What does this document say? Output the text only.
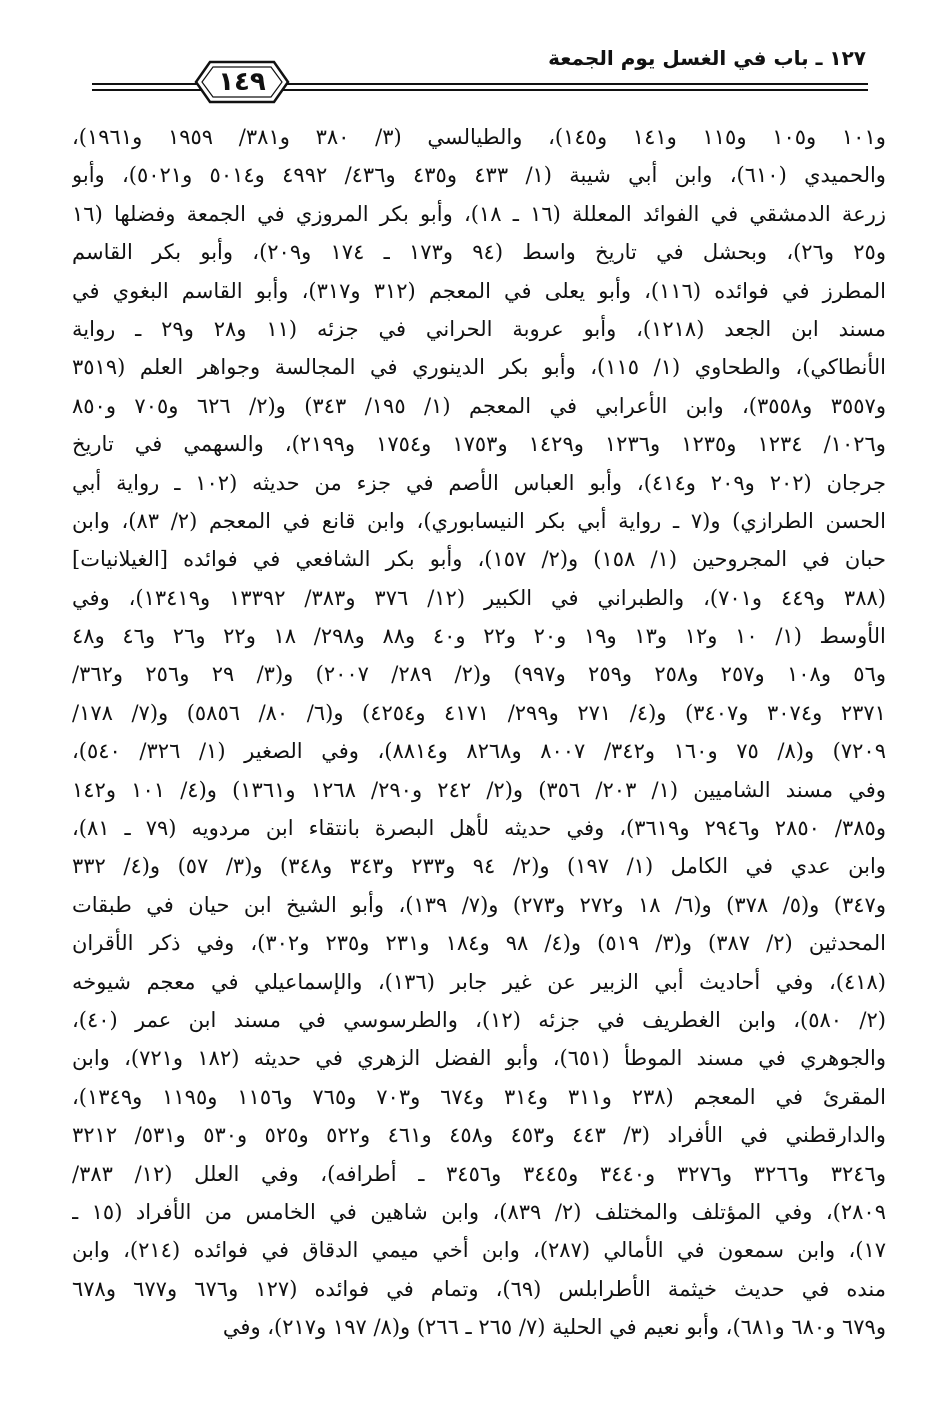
١٤٩
١٢٧ ـ باب في الغسل يوم الجمعة
و١٠١ و١٠٥ و١١٥ و١٤١ و١٤٥)، والطيالسي (٣/ ٣٨٠ و٣٨١/ ١٩٥٩ و١٩٦١)،
والحميدي (٦١٠)، وابن أبي شيبة (١/ ٤٣٣ و٤٣٥ و٤٣٦/ ٤٩٩٢ و٥٠١٤ و٥٠٢١)، وأبو
زرعة الدمشقي في الفوائد المعللة (١٦ ـ ١٨)، وأبو بكر المروزي في الجمعة وفضلها (١٦
و٢٥ و٢٦)، وبحشل في تاريخ واسط (٩٤ و١٧٣ ـ ١٧٤ و٢٠٩)، وأبو بكر القاسم
المطرز في فوائده (١١٦)، وأبو يعلى في المعجم (٣١٢ و٣١٧)، وأبو القاسم البغوي في
مسند ابن الجعد (١٢١٨)، وأبو عروبة الحراني في جزئه (١١ و٢٨ و٢٩ ـ رواية
الأنطاكي)، والطحاوي (١/ ١١٥)، وأبو بكر الدينوري في المجالسة وجواهر العلم (٣٥١٩
و٣٥٥٧ و٣٥٥٨)، وابن الأعرابي في المعجم (١/ ١٩٥/ ٣٤٣) و(٢/ ٦٢٦ و٧٠٥ و٨٥٠
و١٠٢٦/ ١٢٣٤ و١٢٣٥ و١٢٣٦ و١٤٢٩ و١٧٥٣ و١٧٥٤ و٢١٩٩)، والسهمي في تاريخ
جرجان (٢٠٢ و٢٠٩ و٤١٤)، وأبو العباس الأصم في جزء من حديثه (١٠٢ ـ رواية أبي
الحسن الطرازي) و(٧ ـ رواية أبي بكر النيسابوري)، وابن قانع في المعجم (٢/ ٨٣)، وابن
حبان في المجروحين (١/ ١٥٨) و(٢/ ١٥٧)، وأبو بكر الشافعي في فوائده [الغيلانيات]
(٣٨٨ و٤٤٩ و٧٠١)، والطبراني في الكبير (١٢/ ٣٧٦ و٣٨٣/ ١٣٣٩٢ و١٣٤١٩)، وفي
الأوسط (١/ ١٠ و١٢ و١٣ و١٩ و٢٠ و٢٢ و٤٠ و٨٨ و٢٩٨/ ١٨ و٢٢ و٢٦ و٤٦ و٤٨
و٥٦ و١٠٨ و٢٥٧ و٢٥٨ و٢٥٩ و٩٩٧) و(٢/ ٢٨٩/ ٢٠٠٧) و(٣/ ٢٩ و٢٥٦ و٣٦٢/
٢٣٧١ و٣٠٧٤ و٣٤٠٧) و(٤/ ٢٧١ و٢٩٩/ ٤١٧١ و٤٢٥٤) و(٦/ ٨٠/ ٥٨٥٦) و(٧/ ١٧٨/
٧٢٠٩) و(٨/ ٧٥ و١٦٠ و٣٤٢/ ٨٠٠٧ و٨٢٦٨ و٨٨١٤)، وفي الصغير (١/ ٣٢٦/ ٥٤٠)،
وفي مسند الشاميين (١/ ٢٠٣/ ٣٥٦) و(٢/ ٢٤٢ و٢٩٠/ ١٢٦٨ و١٣٦١) و(٤/ ١٠١ و١٤٢
و٣٨٥/ ٢٨٥٠ و٢٩٤٦ و٣٦١٩)، وفي حديثه لأهل البصرة بانتقاء ابن مردويه (٧٩ ـ ٨١)،
وابن عدي في الكامل (١/ ١٩٧) و(٢/ ٩٤ و٢٣٣ و٣٤٣ و٣٤٨) و(٣/ ٥٧) و(٤/ ٣٣٢
و٣٤٧) و(٥/ ٣٧٨) و(٦/ ١٨ و٢٧٢ و٢٧٣) و(٧/ ١٣٩)، وأبو الشيخ ابن حيان في طبقات
المحدثين (٢/ ٣٨٧) و(٣/ ٥١٩) و(٤/ ٩٨ و١٨٤ و٢٣١ و٢٣٥ و٣٠٢)، وفي ذكر الأقران
(٤١٨)، وفي أحاديث أبي الزبير عن غير جابر (١٣٦)، والإسماعيلي في معجم شيوخه
(٢/ ٥٨٠)، وابن الغطريف في جزئه (١٢)، والطرسوسي في مسند ابن عمر (٤٠)،
والجوهري في مسند الموطأ (٦٥١)، وأبو الفضل الزهري في حديثه (١٨٢ و٧٢١)، وابن
المقرئ في المعجم (٢٣٨ و٣١١ و٣١٤ و٦٧٤ و٧٠٣ و٧٦٥ و١١٥٦ و١١٩٥ و١٣٤٩)،
والدارقطني في الأفراد (٣/ ٤٤٣ و٤٥٣ و٤٥٨ و٤٦١ و٥٢٢ و٥٢٥ و٥٣٠ و٥٣١/ ٣٢١٢
و٣٢٤٦ و٣٢٦٦ و٣٢٧٦ و٣٤٤٠ و٣٤٤٥ و٣٤٥٦ ـ أطرافه)، وفي العلل (١٢/ ٣٨٣/
٢٨٠٩)، وفي المؤتلف والمختلف (٢/ ٨٣٩)، وابن شاهين في الخامس من الأفراد (١٥ ـ
١٧)، وابن سمعون في الأمالي (٢٨٧)، وابن أخي ميمي الدقاق في فوائده (٢١٤)، وابن
منده في حديث خيثمة الأطرابلس (٦٩)، وتمام في فوائده (١٢٧ و٦٧٦ و٦٧٧ و٦٧٨
و٦٧٩ و٦٨٠ و٦٨١)، وأبو نعيم في الحلية (٧/ ٢٦٥ ـ ٢٦٦) و(٨/ ١٩٧ و٢١٧)، وفي
